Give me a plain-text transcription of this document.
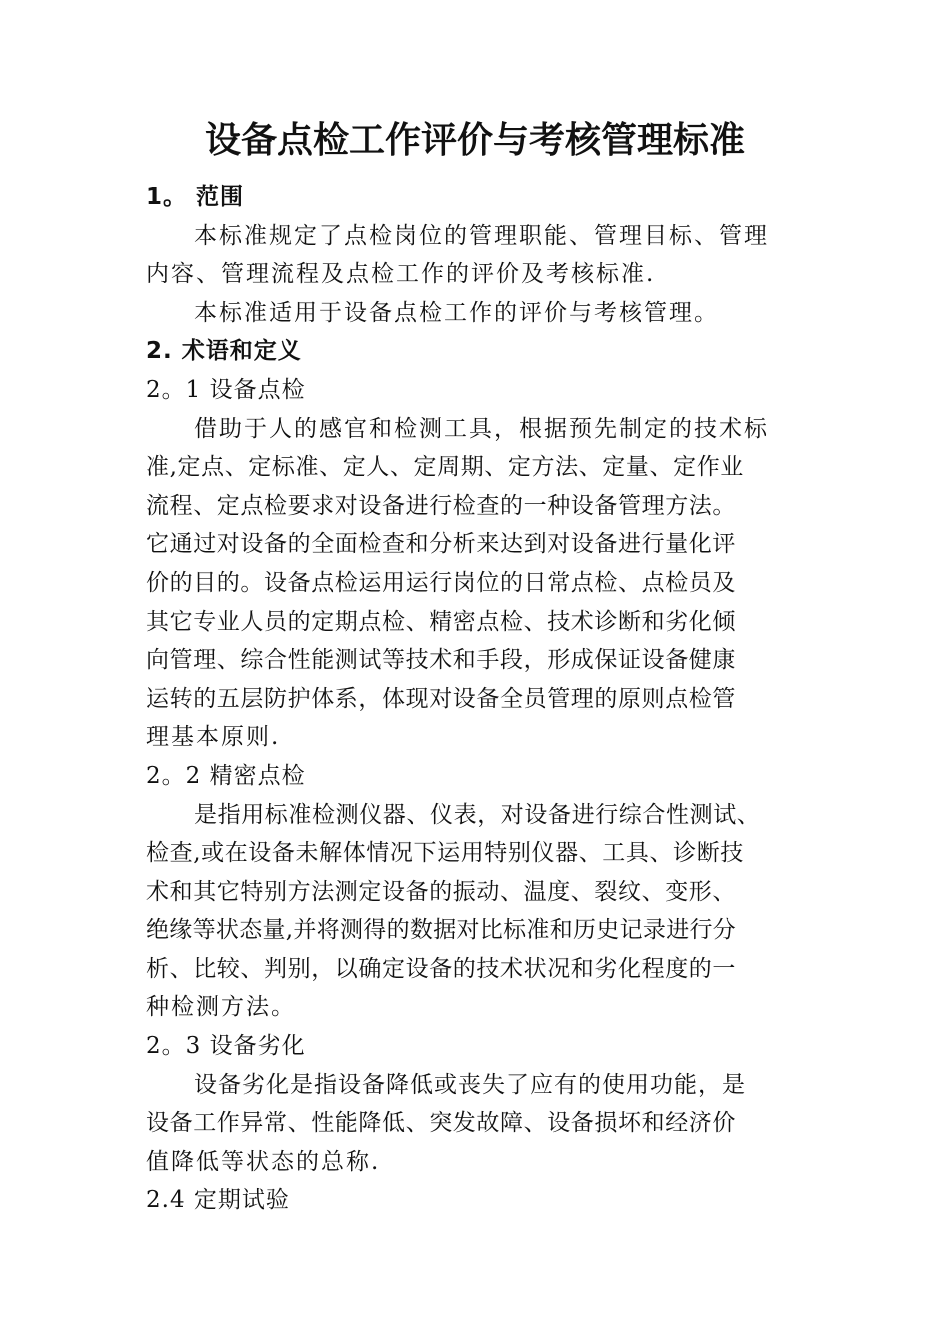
设备点检工作评价与考核管理标准
1。 范围
本标准规定了点检岗位的管理职能、管理目标、管理
内容、管理流程及点检工作的评价及考核标准.
本标准适用于设备点检工作的评价与考核管理。
2. 术语和定义
2。1 设备点检
借助于人的感官和检测工具，根据预先制定的技术标
准,定点、定标准、定人、定周期、定方法、定量、定作业
流程、定点检要求对设备进行检查的一种设备管理方法。
它通过对设备的全面检查和分析来达到对设备进行量化评
价的目的。设备点检运用运行岗位的日常点检、点检员及
其它专业人员的定期点检、精密点检、技术诊断和劣化倾
向管理、综合性能测试等技术和手段，形成保证设备健康
运转的五层防护体系，体现对设备全员管理的原则点检管
理基本原则.
2。2 精密点检
是指用标准检测仪器、仪表，对设备进行综合性测试、
检查,或在设备未解体情况下运用特别仪器、工具、诊断技
术和其它特别方法测定设备的振动、温度、裂纹、变形、
绝缘等状态量,并将测得的数据对比标准和历史记录进行分
析、比较、判别，以确定设备的技术状况和劣化程度的一
种检测方法。
2。3 设备劣化
设备劣化是指设备降低或丧失了应有的使用功能，是
设备工作异常、性能降低、突发故障、设备损坏和经济价
值降低等状态的总称.
2.4 定期试验
